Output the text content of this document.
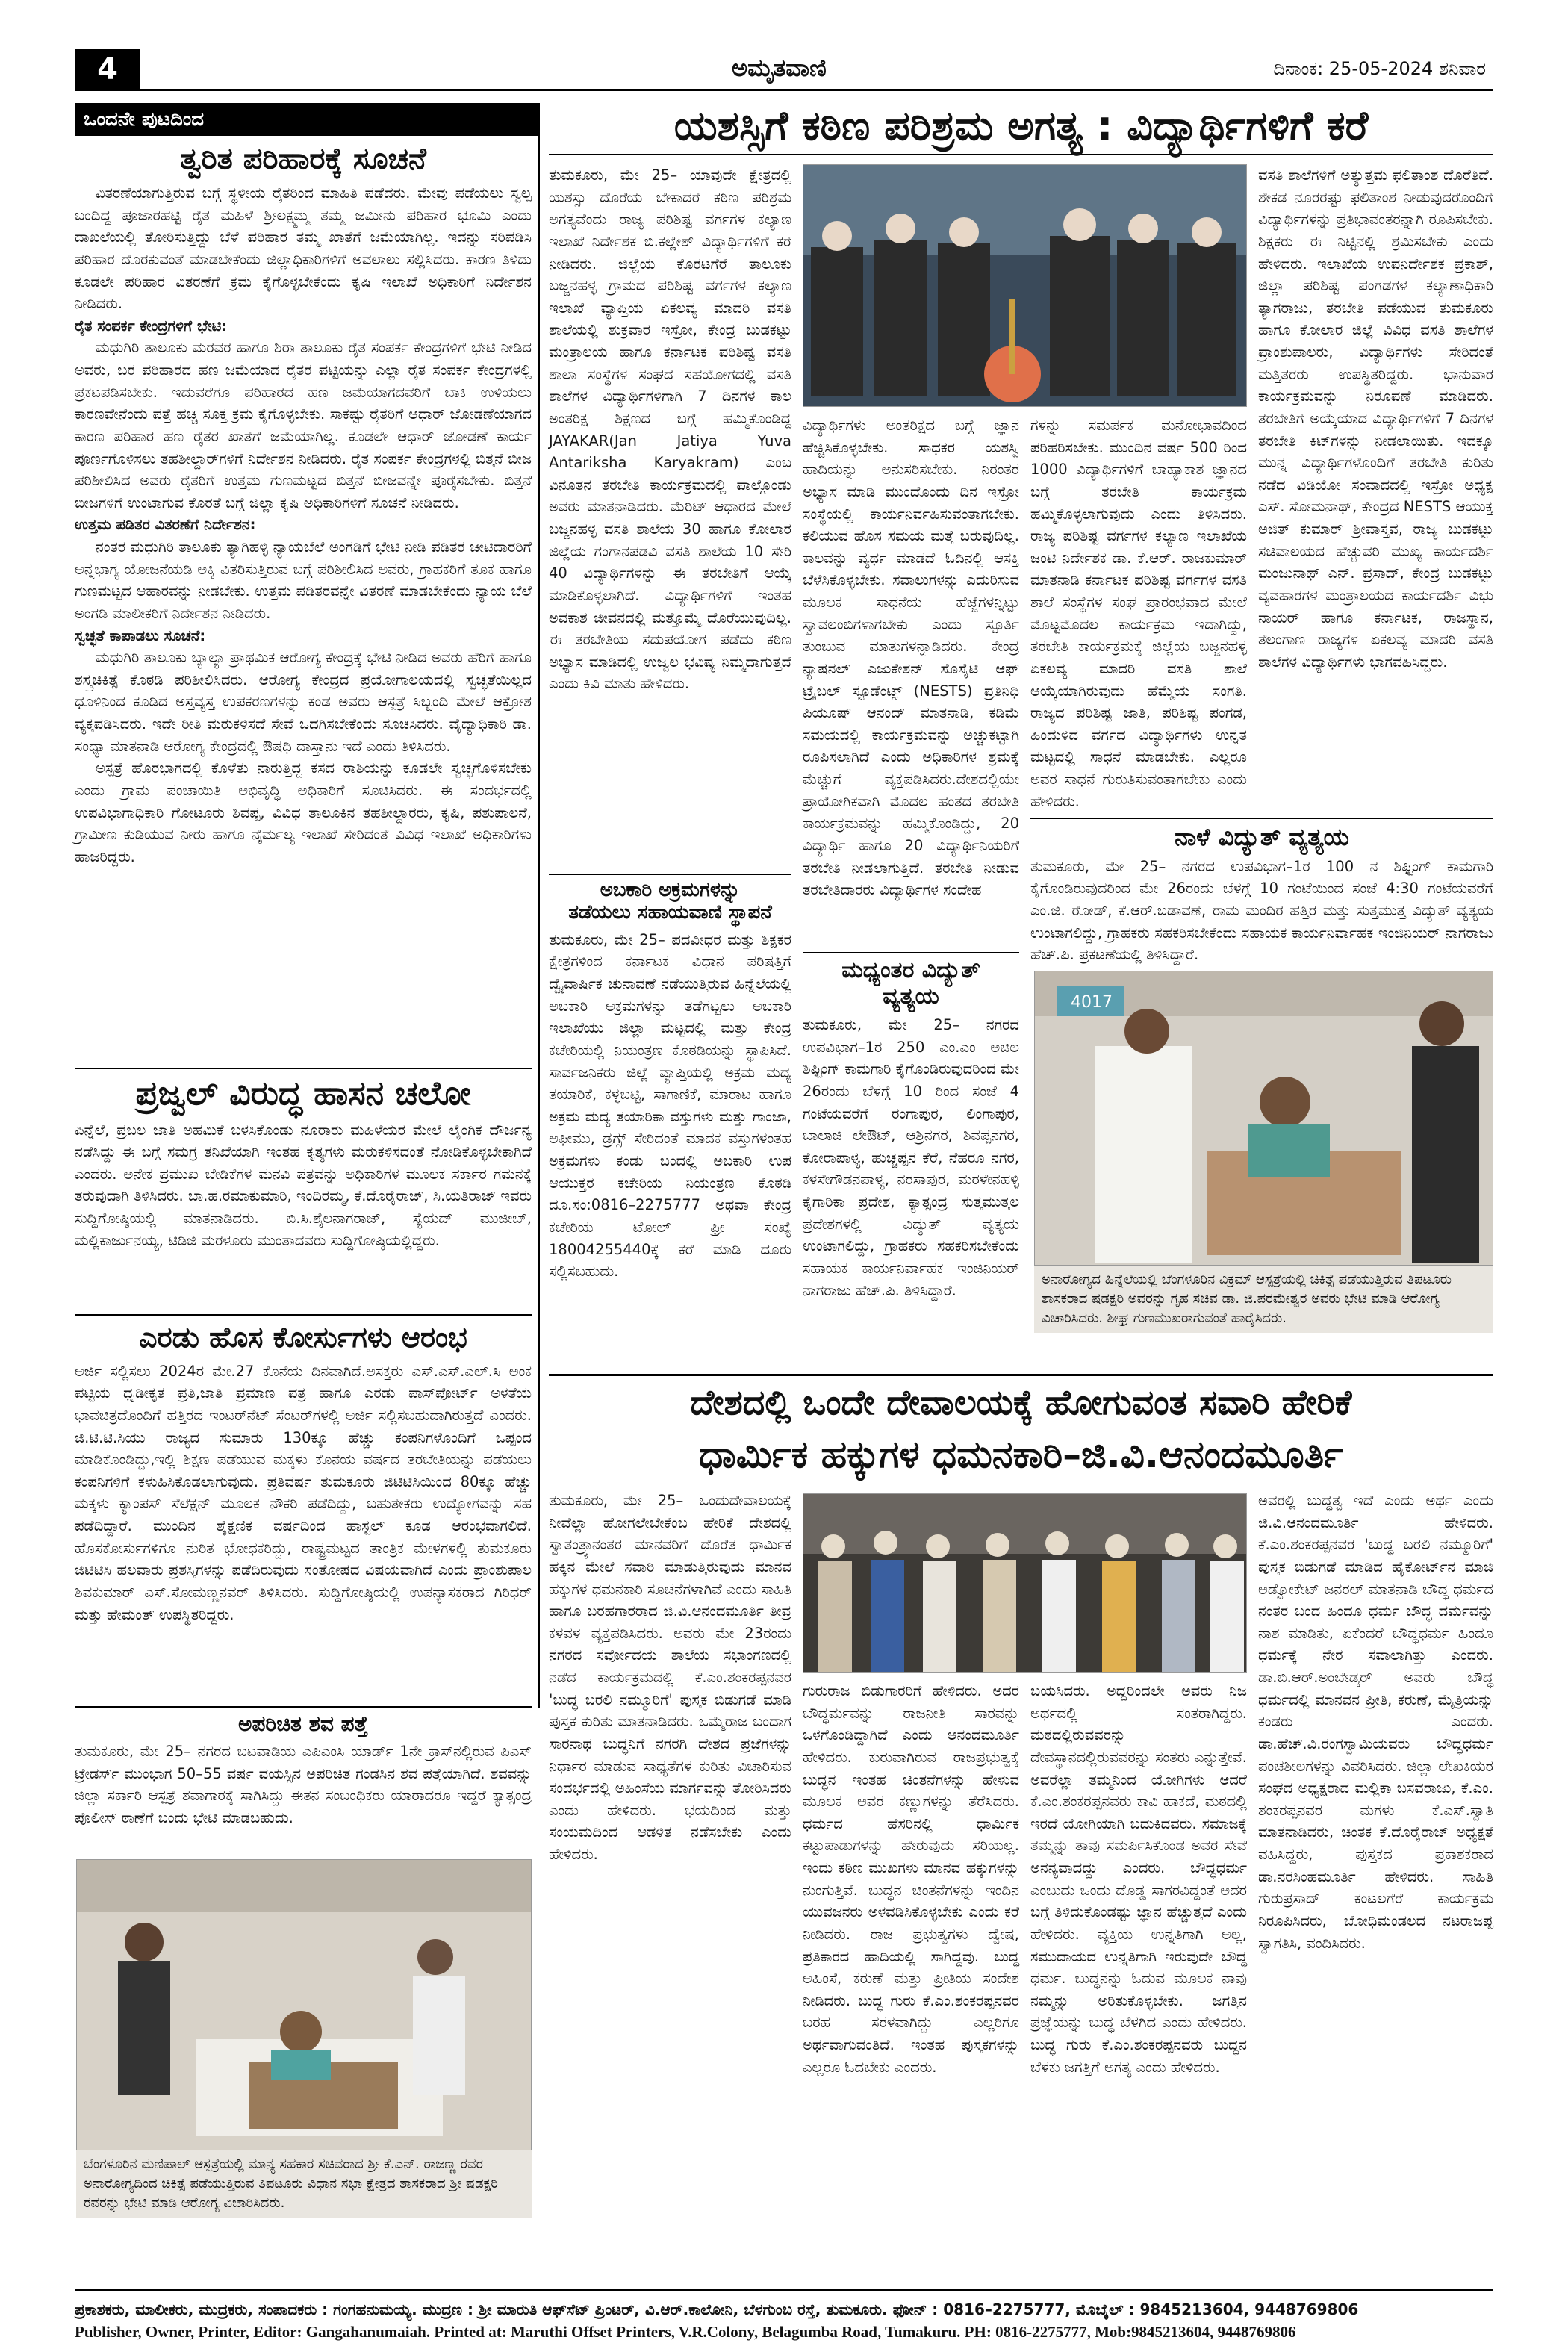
4	ಅಮೃತವಾಣಿ	ದಿನಾಂಕ: 25-05-2024 ಶನಿವಾರ
ಒಂದನೇ ಪುಟದಿಂದ
ತ್ವರಿತ ಪರಿಹಾರಕ್ಕೆ ಸೂಚನೆ

ವಿತರಣೆಯಾಗುತ್ತಿರುವ ಬಗ್ಗೆ ಸ್ಥಳೀಯ ರೈತರಿಂದ ಮಾಹಿತಿ ಪಡೆದರು. ಮೇವು ಪಡೆಯಲು ಸ್ವಲ್ಪ ಬಂದಿದ್ದ ಪೂಜಾರಹಟ್ಟಿ ರೈತ ಮಹಿಳೆ ಶ್ರೀಲಕ್ಷ್ಮಮ್ಮ ತಮ್ಮ ಜಮೀನು ಪರಿಹಾರ ಭೂಮಿ ಎಂದು ದಾಖಲೆಯಲ್ಲಿ ತೋರಿಸುತ್ತಿದ್ದು ಬೆಳೆ ಪರಿಹಾರ ತಮ್ಮ ಖಾತೆಗೆ ಜಮೆಯಾಗಿಲ್ಲ. ಇದನ್ನು ಸರಿಪಡಿಸಿ ಪರಿಹಾರ ದೊರಕುವಂತೆ ಮಾಡಬೇಕೆಂದು ಜಿಲ್ಲಾಧಿಕಾರಿಗಳಿಗೆ ಅವಲಾಲು ಸಲ್ಲಿಸಿದರು. ಕಾರಣ ತಿಳಿದು ಕೂಡಲೇ ಪರಿಹಾರ ವಿತರಣೆಗೆ ಕ್ರಮ ಕೈಗೊಳ್ಳಬೇಕೆಂದು ಕೃಷಿ ಇಲಾಖೆ ಅಧಿಕಾರಿಗೆ ನಿರ್ದೇಶನ ನೀಡಿದರು.

ರೈತ ಸಂಪರ್ಕ ಕೇಂದ್ರಗಳಿಗೆ ಭೇಟಿ:

ಮಧುಗಿರಿ ತಾಲೂಕು ಮರವರ ಹಾಗೂ ಶಿರಾ ತಾಲೂಕು ರೈತ ಸಂಪರ್ಕ ಕೇಂದ್ರಗಳಿಗೆ ಭೇಟಿ ನೀಡಿದ ಅವರು, ಬರ ಪರಿಹಾರದ ಹಣ ಜಮೆಯಾದ ರೈತರ ಪಟ್ಟಿಯನ್ನು ಎಲ್ಲಾ ರೈತ ಸಂಪರ್ಕ ಕೇಂದ್ರಗಳಲ್ಲಿ ಪ್ರಕಟಪಡಿಸಬೇಕು. ಇದುವರೆಗೂ ಪರಿಹಾರದ ಹಣ ಜಮೆಯಾಗದವರಿಗೆ ಬಾಕಿ ಉಳಿಯಲು ಕಾರಣವೇನೆಂದು ಪತ್ತೆ ಹಚ್ಚಿ ಸೂಕ್ತ ಕ್ರಮ ಕೈಗೊಳ್ಳಬೇಕು. ಸಾಕಷ್ಟು ರೈತರಿಗೆ ಆಧಾರ್ ಜೋಡಣೆಯಾಗದ ಕಾರಣ ಪರಿಹಾರ ಹಣ ರೈತರ ಖಾತೆಗೆ ಜಮೆಯಾಗಿಲ್ಲ. ಕೂಡಲೇ ಆಧಾರ್ ಜೋಡಣೆ ಕಾರ್ಯ ಪೂರ್ಣಗೊಳಿಸಲು ತಹಶೀಲ್ದಾರ್‌ಗಳಿಗೆ ನಿರ್ದೇಶನ ನೀಡಿದರು. ರೈತ ಸಂಪರ್ಕ ಕೇಂದ್ರಗಳಲ್ಲಿ ಬಿತ್ತನೆ ಬೀಜ ಪರಿಶೀಲಿಸಿದ ಅವರು ರೈತರಿಗೆ ಉತ್ತಮ ಗುಣಮಟ್ಟದ ಬಿತ್ತನೆ ಬೀಜವನ್ನೇ ಪೂರೈಸಬೇಕು. ಬಿತ್ತನೆ ಬೀಜಗಳಿಗೆ ಉಂಟಾಗುವ ಕೊರತೆ ಬಗ್ಗೆ ಜಿಲ್ಲಾ ಕೃಷಿ ಅಧಿಕಾರಿಗಳಿಗೆ ಸೂಚನೆ ನೀಡಿದರು.

ಉತ್ತಮ ಪಡಿತರ ವಿತರಣೆಗೆ ನಿರ್ದೇಶನ:

ನಂತರ ಮಧುಗಿರಿ ತಾಲೂಕು ತ್ಯಾಗಿಹಳ್ಳಿ ನ್ಯಾಯಬೆಲೆ ಅಂಗಡಿಗೆ ಭೇಟಿ ನೀಡಿ ಪಡಿತರ ಚೀಟಿದಾರರಿಗೆ ಅನ್ನಭಾಗ್ಯ ಯೋಜನೆಯಡಿ ಅಕ್ಕಿ ವಿತರಿಸುತ್ತಿರುವ ಬಗ್ಗೆ ಪರಿಶೀಲಿಸಿದ ಅವರು, ಗ್ರಾಹಕರಿಗೆ ತೂಕ ಹಾಗೂ ಗುಣಮಟ್ಟದ ಆಹಾರವನ್ನು ನೀಡಬೇಕು. ಉತ್ತಮ ಪಡಿತರವನ್ನೇ ವಿತರಣೆ ಮಾಡಬೇಕೆಂದು ನ್ಯಾಯ ಬೆಲೆ ಅಂಗಡಿ ಮಾಲೀಕರಿಗೆ ನಿರ್ದೇಶನ ನೀಡಿದರು.

ಸ್ವಚ್ಛತೆ ಕಾಪಾಡಲು ಸೂಚನೆ:

ಮಧುಗಿರಿ ತಾಲೂಕು ಬ್ಯಾಲ್ಯಾ ಪ್ರಾಥಮಿಕ ಆರೋಗ್ಯ ಕೇಂದ್ರಕ್ಕೆ ಭೇಟಿ ನೀಡಿದ ಅವರು ಹೆರಿಗೆ ಹಾಗೂ ಶಸ್ತ್ರಚಿಕಿತ್ಸೆ ಕೊಠಡಿ ಪರಿಶೀಲಿಸಿದರು. ಆರೋಗ್ಯ ಕೇಂದ್ರದ ಪ್ರಯೋಗಾಲಯದಲ್ಲಿ ಸ್ವಚ್ಛತೆಯಿಲ್ಲದ ಧೂಳಿನಿಂದ ಕೂಡಿದ ಅಸ್ತವ್ಯಸ್ತ ಉಪಕರಣಗಳನ್ನು ಕಂಡ ಅವರು ಆಸ್ಪತ್ರೆ ಸಿಬ್ಬಂದಿ ಮೇಲೆ ಆಕ್ರೋಶ ವ್ಯಕ್ತಪಡಿಸಿದರು. ಇದೇ ರೀತಿ ಮರುಕಳಿಸದೆ ಸೇವೆ ಒದಗಿಸಬೇಕೆಂದು ಸೂಚಿಸಿದರು. ವೈದ್ಯಾಧಿಕಾರಿ ಡಾ. ಸಂಧ್ಯಾ ಮಾತನಾಡಿ ಆರೋಗ್ಯ ಕೇಂದ್ರದಲ್ಲಿ ಔಷಧಿ ದಾಸ್ತಾನು ಇದೆ ಎಂದು ತಿಳಿಸಿದರು.

ಅಸ್ಪತ್ರೆ ಹೊರಭಾಗದಲ್ಲಿ ಕೊಳೆತು ನಾರುತ್ತಿದ್ದ ಕಸದ ರಾಶಿಯನ್ನು ಕೂಡಲೇ ಸ್ವಚ್ಛಗೊಳಿಸಬೇಕು ಎಂದು ಗ್ರಾಮ ಪಂಚಾಯಿತಿ ಅಭಿವೃದ್ಧಿ ಅಧಿಕಾರಿಗೆ ಸೂಚಿಸಿದರು. ಈ ಸಂದರ್ಭದಲ್ಲಿ ಉಪವಿಭಾಗಾಧಿಕಾರಿ ಗೋಟೂರು ಶಿವಪ್ಪ, ವಿವಿಧ ತಾಲೂಕಿನ ತಹಶೀಲ್ದಾರರು, ಕೃಷಿ, ಪಶುಪಾಲನೆ, ಗ್ರಾಮೀಣ ಕುಡಿಯುವ ನೀರು ಹಾಗೂ ನೈರ್ಮಲ್ಯ ಇಲಾಖೆ ಸೇರಿದಂತೆ ವಿವಿಧ ಇಲಾಖೆ ಅಧಿಕಾರಿಗಳು ಹಾಜರಿದ್ದರು.

ಪ್ರಜ್ವಲ್ ವಿರುದ್ಧ ಹಾಸನ ಚಲೋ
ಪಿನ್ನೆಲೆ, ಪ್ರಬಲ ಜಾತಿ ಅಹಮಿಕೆ ಬಳಸಿಕೊಂಡು ನೂರಾರು ಮಹಿಳೆಯರ ಮೇಲೆ ಲೈಂಗಿಕ ದೌರ್ಜನ್ಯ ನಡೆಸಿದ್ದು ಈ ಬಗ್ಗೆ ಸಮಗ್ರ ತನಿಖೆಯಾಗಿ ಇಂತಹ ಕೃತ್ಯಗಳು ಮರುಕಳಿಸದಂತೆ ನೋಡಿಕೊಳ್ಳಬೇಕಾಗಿದೆ ಎಂದರು. ಅನೇಕ ಪ್ರಮುಖ ಬೇಡಿಕೆಗಳ ಮನವಿ ಪತ್ರವನ್ನು ಅಧಿಕಾರಿಗಳ ಮೂಲಕ ಸರ್ಕಾರ ಗಮನಕ್ಕೆ ತರುವುದಾಗಿ ತಿಳಿಸಿದರು. ಬಾ.ಹ.ರಮಾಕುಮಾರಿ, ಇಂದಿರಮ್ಮ, ಕೆ.ದೊರೈರಾಜ್, ಸಿ.ಯತಿರಾಜ್ ಇವರು ಸುದ್ದಿಗೋಷ್ಠಿಯಲ್ಲಿ ಮಾತನಾಡಿದರು. ಬಿ.ಸಿ.ಶೈಲನಾಗರಾಜ್, ಸ್ಯೆಯದ್ ಮುಜೀಬ್, ಮಲ್ಲಿಕಾರ್ಜುನಯ್ಯ, ಟಿಡಿಜಿ ಮರಳೂರು ಮುಂತಾದವರು ಸುದ್ದಿಗೋಷ್ಠಿಯಲ್ಲಿದ್ದರು.
ಎರಡು ಹೊಸ ಕೋರ್ಸುಗಳು ಆರಂಭ
ಅರ್ಜಿ ಸಲ್ಲಿಸಲು 2024ರ ಮೇ.27 ಕೊನೆಯ ದಿನವಾಗಿದೆ.ಅಸಕ್ತರು ಎಸ್.ಎಸ್.ಎಲ್.ಸಿ ಅಂಕ ಪಟ್ಟಿಯ ಧೃಡೀಕೃತ ಪ್ರತಿ,ಜಾತಿ ಪ್ರಮಾಣ ಪತ್ರ ಹಾಗೂ ಎರಡು ಪಾಸ್‌ಪೋರ್ಟ್ ಅಳತೆಯ ಭಾವಚಿತ್ರದೊಂದಿಗೆ ಹತ್ತಿರದ ಇಂಟರ್‌ನೆಟ್ ಸೆಂಟರ್‌ಗಳಲ್ಲಿ ಅರ್ಜಿ ಸಲ್ಲಿಸಬಹುದಾಗಿರುತ್ತದೆ ಎಂದರು. ಜಿ.ಟಿ.ಟಿ.ಸಿಯು ರಾಜ್ಯದ ಸುಮಾರು 130ಕ್ಕೂ ಹೆಚ್ಚು ಕಂಪನಿಗಳೊಂದಿಗೆ ಒಪ್ಪಂದ ಮಾಡಿಕೊಂಡಿದ್ದು,ಇಲ್ಲಿ ಶಿಕ್ಷಣ ಪಡೆಯುವ ಮಕ್ಕಳು ಕೊನೆಯ ವರ್ಷದ ತರಬೇತಿಯನ್ನು ಪಡೆಯಲು ಕಂಪನಿಗಳಿಗೆ ಕಳುಹಿಸಿಕೊಡಲಾಗುವುದು. ಪ್ರತಿವರ್ಷ ತುಮಕೂರು ಜಿಟಿಟಿಸಿಯಿಂದ 80ಕ್ಕೂ ಹೆಚ್ಚು ಮಕ್ಕಳು ಕ್ಯಾಂಪಸ್ ಸೆಲೆಕ್ಷನ್ ಮೂಲಕ ನೌಕರಿ ಪಡೆದಿದ್ದು, ಬಹುತೇಕರು ಉದ್ಯೋಗವನ್ನು ಸಹ ಪಡೆದಿದ್ದಾರೆ. ಮುಂದಿನ ಶೈಕ್ಷಣಿಕ ವರ್ಷದಿಂದ ಹಾಸ್ಟಲ್ ಕೂಡ ಆರಂಭವಾಗಲಿದೆ. ಹೊಸಕೋರ್ಸುಗಳಿಗೂ ನುರಿತ ಭೋಧಕರಿದ್ದು, ರಾಷ್ಟ್ರಮಟ್ಟದ ತಾಂತ್ರಿಕ ಮೇಳಗಳಲ್ಲಿ ತುಮಕೂರು ಜಿಟಿಟಿಸಿ ಹಲವಾರು ಪ್ರಶಸ್ತಿಗಳನ್ನು ಪಡೆದಿರುವುದು ಸಂತೋಷದ ವಿಷಯವಾಗಿದೆ ಎಂದು ಪ್ರಾಂಶುಪಾಲ ಶಿವಕುಮಾರ್ ಎಸ್.ಸೋಮಣ್ಣನವರ್ ತಿಳಿಸಿದರು. ಸುದ್ದಿಗೋಷ್ಠಿಯಲ್ಲಿ ಉಪನ್ಯಾಸಕರಾದ ಗಿರಿಧರ್ ಮತ್ತು ಹೇಮಂತ್ ಉಪಸ್ಥಿತರಿದ್ದರು.
ಅಪರಿಚಿತ ಶವ ಪತ್ತೆ
ತುಮಕೂರು, ಮೇ 25– ನಗರದ ಬಟವಾಡಿಯ ಎಪಿಎಂಸಿ ಯಾರ್ಡ್ 1ನೇ ಕ್ರಾಸ್‌ನಲ್ಲಿರುವ ಪಿಎಸ್ ಟ್ರೇಡರ್ಸ್ ಮುಂಭಾಗ 50–55 ವರ್ಷ ವಯಸ್ಸಿನ ಅಪರಿಚಿತ ಗಂಡಸಿನ ಶವ ಪತ್ತೆಯಾಗಿದೆ. ಶವವನ್ನು ಜಿಲ್ಲಾ ಸರ್ಕಾರಿ ಆಸ್ಪತ್ರೆ ಶವಾಗಾರಕ್ಕೆ ಸಾಗಿಸಿದ್ದು ಈತನ ಸಂಬಂಧಿಕರು ಯಾರಾದರೂ ಇದ್ದರೆ ಕ್ಯಾತ್ಸಂದ್ರ ಪೊಲೀಸ್ ಠಾಣೆಗೆ ಬಂದು ಭೇಟಿ ಮಾಡಬಹುದು.
ಬೆಂಗಳೂರಿನ ಮಣಿಪಾಲ್ ಆಸ್ಪತ್ರೆಯಲ್ಲಿ ಮಾನ್ಯ ಸಹಕಾರ ಸಚಿವರಾದ ಶ್ರೀ ಕೆ.ಎನ್. ರಾಜಣ್ಣ ರವರ ಅನಾರೋಗ್ಯದಿಂದ ಚಿಕಿತ್ಸೆ ಪಡೆಯುತ್ತಿರುವ ತಿಪಟೂರು ವಿಧಾನ ಸಭಾ ಕ್ಷೇತ್ರದ ಶಾಸಕರಾದ ಶ್ರೀ ಷಡಕ್ಷರಿ ರವರನ್ನು ಭೇಟಿ ಮಾಡಿ ಆರೋಗ್ಯ ವಿಚಾರಿಸಿದರು.
ಯಶಸ್ಸಿಗೆ ಕಠಿಣ ಪರಿಶ್ರಮ ಅಗತ್ಯ : ವಿದ್ಯಾರ್ಥಿಗಳಿಗೆ ಕರೆ
ತುಮಕೂರು, ಮೇ 25– ಯಾವುದೇ ಕ್ಷೇತ್ರದಲ್ಲಿ ಯಶಸ್ಸು ದೊರೆಯ ಬೇಕಾದರೆ ಕಠಿಣ ಪರಿಶ್ರಮ ಅಗತ್ಯವೆಂದು ರಾಜ್ಯ ಪರಿಶಿಷ್ಟ ವರ್ಗಗಳ ಕಲ್ಯಾಣ ಇಲಾಖೆ ನಿರ್ದೇಶಕ ಬಿ.ಕಲ್ಲೇಶ್ ವಿದ್ಯಾರ್ಥಿಗಳಿಗೆ ಕರೆ ನೀಡಿದರು. ಜಿಲ್ಲೆಯ ಕೊರಟಗೆರೆ ತಾಲೂಕು ಬಜ್ಜನಹಳ್ಳ ಗ್ರಾಮದ ಪರಿಶಿಷ್ಟ ವರ್ಗಗಳ ಕಲ್ಯಾಣ ಇಲಾಖೆ ವ್ಯಾಪ್ತಿಯ ಏಕಲವ್ಯ ಮಾದರಿ ವಸತಿ ಶಾಲೆಯಲ್ಲಿ ಶುಕ್ರವಾರ ಇಸ್ರೋ, ಕೇಂದ್ರ ಬುಡಕಟ್ಟು ಮಂತ್ರಾಲಯ ಹಾಗೂ ಕರ್ನಾಟಕ ಪರಿಶಿಷ್ಟ ವಸತಿ ಶಾಲಾ ಸಂಸ್ಥೆಗಳ ಸಂಘದ ಸಹಯೋಗದಲ್ಲಿ ವಸತಿ ಶಾಲೆಗಳ ವಿದ್ಯಾರ್ಥಿಗಳಿಗಾಗಿ 7 ದಿನಗಳ ಕಾಲ ಅಂತರಿಕ್ಷ ಶಿಕ್ಷಣದ ಬಗ್ಗೆ ಹಮ್ಮಿಕೊಂಡಿದ್ದ JAYAKAR(Jan Jatiya Yuva Antariksha Karyakram) ಎಂಬ ವಿನೂತನ ತರಬೇತಿ ಕಾರ್ಯಕ್ರಮದಲ್ಲಿ ಪಾಲ್ಗೊಂಡು ಅವರು ಮಾತನಾಡಿದರು. ಮೆರಿಟ್ ಆಧಾರದ ಮೇಲೆ ಬಜ್ಜನಹಳ್ಳ ವಸತಿ ಶಾಲೆಯ 30 ಹಾಗೂ ಕೋಲಾರ ಜಿಲ್ಲೆಯ ಗಂಗಾನಪಡವಿ ವಸತಿ ಶಾಲೆಯ 10 ಸೇರಿ 40 ವಿದ್ಯಾರ್ಥಿಗಳನ್ನು ಈ ತರಬೇತಿಗೆ ಆಯ್ಕೆ ಮಾಡಿಕೊಳ್ಳಲಾಗಿದೆ. ವಿದ್ಯಾರ್ಥಿಗಳಿಗೆ ಇಂತಹ ಅವಕಾಶ ಜೀವನದಲ್ಲಿ ಮತ್ತೊಮ್ಮೆ ದೊರೆಯುವುದಿಲ್ಲ. ಈ ತರಬೇತಿಯ ಸದುಪಯೋಗ ಪಡೆದು ಕಠಿಣ ಅಭ್ಯಾಸ ಮಾಡಿದಲ್ಲಿ ಉಜ್ವಲ ಭವಿಷ್ಯ ನಿಮ್ಮದಾಗುತ್ತದೆ ಎಂದು ಕಿವಿ ಮಾತು ಹೇಳಿದರು.
ವಿದ್ಯಾರ್ಥಿಗಳು ಅಂತರಿಕ್ಷದ ಬಗ್ಗೆ ಜ್ಞಾನ ಹೆಚ್ಚಿಸಿಕೊಳ್ಳಬೇಕು. ಸಾಧಕರ ಯಶಸ್ವಿ ಹಾದಿಯನ್ನು ಅನುಸರಿಸಬೇಕು. ನಿರಂತರ ಅಭ್ಯಾಸ ಮಾಡಿ ಮುಂದೊಂದು ದಿನ ಇಸ್ರೋ ಸಂಸ್ಥೆಯಲ್ಲಿ ಕಾರ್ಯನಿರ್ವಹಿಸುವಂತಾಗಬೇಕು. ಕಲಿಯುವ ಹೊಸ ಸಮಯ ಮತ್ತೆ ಬರುವುದಿಲ್ಲ. ಕಾಲವನ್ನು ವ್ಯರ್ಥ ಮಾಡದೆ ಓದಿನಲ್ಲಿ ಆಸಕ್ತಿ ಬೆಳೆಸಿಕೊಳ್ಳಬೇಕು. ಸವಾಲುಗಳನ್ನು ಎದುರಿಸುವ ಮೂಲಕ ಸಾಧನೆಯ ಹೆಜ್ಜೆಗಳನ್ನಿಟ್ಟು ಸ್ವಾವಲಂಬಿಗಳಾಗಬೇಕು ಎಂದು ಸ್ಪೂರ್ತಿ ತುಂಬುವ ಮಾತುಗಳನ್ನಾಡಿದರು. ಕೇಂದ್ರ ನ್ಯಾಷನಲ್ ಎಜುಕೇಶನ್ ಸೊಸೈಟಿ ಆಫ್ ಟ್ರೈಬಲ್ ಸ್ಟೂಡೆಂಟ್ಸ್ (NESTS) ಪ್ರತಿನಿಧಿ ಪಿಯೂಷ್ ಆನಂದ್ ಮಾತನಾಡಿ, ಕಡಿಮೆ ಸಮಯದಲ್ಲಿ ಕಾರ್ಯಕ್ರಮವನ್ನು ಅಚ್ಚುಕಟ್ಟಾಗಿ ರೂಪಿಸಲಾಗಿದೆ ಎಂದು ಅಧಿಕಾರಿಗಳ ಶ್ರಮಕ್ಕೆ ಮೆಚ್ಚುಗೆ ವ್ಯಕ್ತಪಡಿಸಿದರು.ದೇಶದಲ್ಲಿಯೇ ಪ್ರಾಯೋಗಿಕವಾಗಿ ಮೊದಲ ಹಂತದ ತರಬೇತಿ ಕಾರ್ಯಕ್ರಮವನ್ನು ಹಮ್ಮಿಕೊಂಡಿದ್ದು, 20 ವಿದ್ಯಾರ್ಥಿ ಹಾಗೂ 20 ವಿದ್ಯಾರ್ಥಿನಿಯರಿಗೆ ತರಬೇತಿ ನೀಡಲಾಗುತ್ತಿದೆ. ತರಬೇತಿ ನೀಡುವ ತರಬೇತಿದಾರರು ವಿದ್ಯಾರ್ಥಿಗಳ ಸಂದೇಹ
ಗಳನ್ನು ಸಮರ್ಪಕ ಮನೋಭಾವದಿಂದ ಪರಿಹರಿಸಬೇಕು. ಮುಂದಿನ ವರ್ಷ 500 ರಿಂದ 1000 ವಿದ್ಯಾರ್ಥಿಗಳಿಗೆ ಬಾಹ್ಯಾಕಾಶ ಜ್ಞಾನದ ಬಗ್ಗೆ ತರಬೇತಿ ಕಾರ್ಯಕ್ರಮ ಹಮ್ಮಿಕೊಳ್ಳಲಾಗುವುದು ಎಂದು ತಿಳಿಸಿದರು. ರಾಜ್ಯ ಪರಿಶಿಷ್ಟ ವರ್ಗಗಳ ಕಲ್ಯಾಣ ಇಲಾಖೆಯ ಜಂಟಿ ನಿರ್ದೇಶಕ ಡಾ. ಕೆ.ಆರ್. ರಾಜಕುಮಾರ್ ಮಾತನಾಡಿ ಕರ್ನಾಟಕ ಪರಿಶಿಷ್ಟ ವರ್ಗಗಳ ವಸತಿ ಶಾಲೆ ಸಂಸ್ಥೆಗಳ ಸಂಘ ಪ್ರಾರಂಭವಾದ ಮೇಲೆ ಮೊಟ್ಟಮೊದಲ ಕಾರ್ಯಕ್ರಮ ಇದಾಗಿದ್ದು, ತರಬೇತಿ ಕಾರ್ಯಕ್ರಮಕ್ಕೆ ಜಿಲ್ಲೆಯ ಬಜ್ಜನಹಳ್ಳ ಏಕಲವ್ಯ ಮಾದರಿ ವಸತಿ ಶಾಲೆ ಆಯ್ಕೆಯಾಗಿರುವುದು ಹೆಮ್ಮೆಯ ಸಂಗತಿ. ರಾಜ್ಯದ ಪರಿಶಿಷ್ಟ ಜಾತಿ, ಪರಿಶಿಷ್ಟ ಪಂಗಡ, ಹಿಂದುಳಿದ ವರ್ಗದ ವಿದ್ಯಾರ್ಥಿಗಳು ಉನ್ನತ ಮಟ್ಟದಲ್ಲಿ ಸಾಧನೆ ಮಾಡಬೇಕು. ಎಲ್ಲರೂ ಅವರ ಸಾಧನೆ ಗುರುತಿಸುವಂತಾಗಬೇಕು ಎಂದು ಹೇಳಿದರು.
ವಸತಿ ಶಾಲೆಗಳಿಗೆ ಅತ್ಯುತ್ತಮ ಫಲಿತಾಂಶ ದೊರೆತಿದೆ. ಶೇಕಡ ನೂರರಷ್ಟು ಫಲಿತಾಂಶ ನೀಡುವುದರೊಂದಿಗೆ ವಿದ್ಯಾರ್ಥಿಗಳನ್ನು ಪ್ರತಿಭಾವಂತರನ್ನಾಗಿ ರೂಪಿಸಬೇಕು. ಶಿಕ್ಷಕರು ಈ ನಿಟ್ಟಿನಲ್ಲಿ ಶ್ರಮಿಸಬೇಕು ಎಂದು ಹೇಳಿದರು. ಇಲಾಖೆಯ ಉಪನಿರ್ದೇಶಕ ಪ್ರಕಾಶ್, ಜಿಲ್ಲಾ ಪರಿಶಿಷ್ಟ ಪಂಗಡಗಳ ಕಲ್ಯಾಣಾಧಿಕಾರಿ ತ್ಯಾಗರಾಜು, ತರಬೇತಿ ಪಡೆಯುವ ತುಮಕೂರು ಹಾಗೂ ಕೋಲಾರ ಜಿಲ್ಲೆ ವಿವಿಧ ವಸತಿ ಶಾಲೆಗಳ ಪ್ರಾಂಶುಪಾಲರು, ವಿದ್ಯಾರ್ಥಿಗಳು ಸೇರಿದಂತೆ ಮತ್ತಿತರರು ಉಪಸ್ಥಿತರಿದ್ದರು. ಭಾನುವಾರ ಕಾರ್ಯಕ್ರಮವನ್ನು ನಿರೂಪಣೆ ಮಾಡಿದರು. ತರಬೇತಿಗೆ ಅಯ್ಕೆಯಾದ ವಿದ್ಯಾರ್ಥಿಗಳಿಗೆ 7 ದಿನಗಳ ತರಬೇತಿ ಕಿಟ್‌ಗಳನ್ನು ನೀಡಲಾಯಿತು. ಇದಕ್ಕೂ ಮುನ್ನ ವಿದ್ಯಾರ್ಥಿಗಳೊಂದಿಗೆ ತರಬೇತಿ ಕುರಿತು ನಡೆದ ವಿಡಿಯೋ ಸಂವಾದದಲ್ಲಿ ಇಸ್ರೋ ಅಧ್ಯಕ್ಷ ಎಸ್. ಸೋಮನಾಥ್, ಕೇಂದ್ರದ NESTS ಆಯುಕ್ತ ಅಜಿತ್ ಕುಮಾರ್ ಶ್ರೀವಾಸ್ತವ, ರಾಜ್ಯ ಬುಡಕಟ್ಟು ಸಚಿವಾಲಯದ ಹೆಚ್ಚುವರಿ ಮುಖ್ಯ ಕಾರ್ಯದರ್ಶಿ ಮಂಜುನಾಥ್ ಎನ್. ಪ್ರಸಾದ್, ಕೇಂದ್ರ ಬುಡಕಟ್ಟು ವ್ಯವಹಾರಗಳ ಮಂತ್ರಾಲಯದ ಕಾರ್ಯದರ್ಶಿ ವಿಭು ನಾಯರ್ ಹಾಗೂ ಕರ್ನಾಟಕ, ರಾಜಸ್ಥಾನ, ತೆಲಂಗಾಣ ರಾಜ್ಯಗಳ ಏಕಲವ್ಯ ಮಾದರಿ ವಸತಿ ಶಾಲೆಗಳ ವಿದ್ಯಾರ್ಥಿಗಳು ಭಾಗವಹಿಸಿದ್ದರು.
ಅಬಕಾರಿ ಅಕ್ರಮಗಳನ್ನು
ತಡೆಯಲು ಸಹಾಯವಾಣಿ ಸ್ಥಾಪನೆ
ತುಮಕೂರು, ಮೇ 25– ಪದವೀಧರ ಮತ್ತು ಶಿಕ್ಷಕರ ಕ್ಷೇತ್ರಗಳಿಂದ ಕರ್ನಾಟಕ ವಿಧಾನ ಪರಿಷತ್ತಿಗೆ ದ್ವೈವಾರ್ಷಿಕ ಚುನಾವಣೆ ನಡೆಯುತ್ತಿರುವ ಹಿನ್ನೆಲೆಯಲ್ಲಿ ಅಬಕಾರಿ ಅಕ್ರಮಗಳನ್ನು ತಡೆಗಟ್ಟಲು ಅಬಕಾರಿ ಇಲಾಖೆಯು ಜಿಲ್ಲಾ ಮಟ್ಟದಲ್ಲಿ ಮತ್ತು ಕೇಂದ್ರ ಕಚೇರಿಯಲ್ಲಿ ನಿಯಂತ್ರಣ ಕೊಠಡಿಯನ್ನು ಸ್ಥಾಪಿಸಿದೆ. ಸಾರ್ವಜನಿಕರು ಜಿಲ್ಲೆ ವ್ಯಾಪ್ತಿಯಲ್ಲಿ ಅಕ್ರಮ ಮದ್ಯ ತಯಾರಿಕೆ, ಕಳ್ಳಬಟ್ಟಿ, ಸಾಗಾಣಿಕೆ, ಮಾರಾಟ ಹಾಗೂ ಅಕ್ರಮ ಮದ್ಯ ತಯಾರಿಕಾ ವಸ್ತುಗಳು ಮತ್ತು ಗಾಂಜಾ, ಅಫೀಮು, ಡ್ರಗ್ಸ್ ಸೇರಿದಂತೆ ಮಾದಕ ವಸ್ತುಗಳಂತಹ ಅಕ್ರಮಗಳು ಕಂಡು ಬಂದಲ್ಲಿ ಅಬಕಾರಿ ಉಪ ಆಯುಕ್ತರ ಕಚೇರಿಯ ನಿಯಂತ್ರಣ ಕೊಠಡಿ ದೂ.ಸಂ:0816–2275777 ಅಥವಾ ಕೇಂದ್ರ ಕಚೇರಿಯ ಟೋಲ್ ಫ್ರೀ ಸಂಖ್ಯೆ 18004255440ಕ್ಕೆ ಕರೆ ಮಾಡಿ ದೂರು ಸಲ್ಲಿಸಬಹುದು.
ಮಧ್ಯಂತರ ವಿದ್ಯುತ್
ವ್ಯತ್ಯಯ
ತುಮಕೂರು, ಮೇ 25– ನಗರದ ಉಪವಿಭಾಗ–1ರ 250 ಎಂ.ಎಂ ಅಚಿಲ ಶಿಫ್ಟಿಂಗ್ ಕಾಮಗಾರಿ ಕೈಗೊಂಡಿರುವುದರಿಂದ ಮೇ 26ರಂದು ಬೆಳಗ್ಗೆ 10 ರಿಂದ ಸಂಜೆ 4 ಗಂಟೆಯವರೆಗೆ ರಂಗಾಪುರ, ಲಿಂಗಾಪುರ, ಬಾಲಾಜಿ ಲೇಔಟ್, ಆಶ್ರಿನಗರ, ಶಿವಪ್ಪನಗರ, ಕೋರಾಪಾಳ್ಯ, ಹುಚ್ಚಪ್ಪನ ಕೆರೆ, ನೆಹರೂ ನಗರ, ಕಳಸೇಗೌಡನಪಾಳ್ಯ, ನರಸಾಪುರ, ಮರಳೇನಹಳ್ಳಿ ಕೈಗಾರಿಕಾ ಪ್ರದೇಶ, ಕ್ಯಾತ್ಸಂದ್ರ ಸುತ್ತಮುತ್ತಲ ಪ್ರದೇಶಗಳಲ್ಲಿ ವಿದ್ಯುತ್ ವ್ಯತ್ಯಯ ಉಂಟಾಗಲಿದ್ದು, ಗ್ರಾಹಕರು ಸಹಕರಿಸಬೇಕೆಂದು ಸಹಾಯಕ ಕಾರ್ಯನಿರ್ವಾಹಕ ಇಂಜಿನಿಯರ್ ನಾಗರಾಜು ಹೆಚ್.ಪಿ. ತಿಳಿಸಿದ್ದಾರೆ.
ನಾಳೆ ವಿದ್ಯುತ್ ವ್ಯತ್ಯಯ
ತುಮಕೂರು, ಮೇ 25– ನಗರದ ಉಪವಿಭಾಗ–1ರ 100 ನ ಶಿಫ್ಟಿಂಗ್ ಕಾಮಗಾರಿ ಕೈಗೊಂಡಿರುವುದರಿಂದ ಮೇ 26ರಂದು ಬೆಳಗ್ಗೆ 10 ಗಂಟೆಯಿಂದ ಸಂಜೆ 4:30 ಗಂಟೆಯವರೆಗೆ ಎಂ.ಜಿ. ರೋಡ್, ಕೆ.ಆರ್.ಬಡಾವಣೆ, ರಾಮ ಮಂದಿರ ಹತ್ತಿರ ಮತ್ತು ಸುತ್ತಮುತ್ತ ವಿದ್ಯುತ್ ವ್ಯತ್ಯಯ ಉಂಟಾಗಲಿದ್ದು, ಗ್ರಾಹಕರು ಸಹಕರಿಸಬೇಕೆಂದು ಸಹಾಯಕ ಕಾರ್ಯನಿರ್ವಾಹಕ ಇಂಜಿನಿಯರ್ ನಾಗರಾಜು ಹೆಚ್.ಪಿ. ಪ್ರಕಟಣೆಯಲ್ಲಿ ತಿಳಿಸಿದ್ದಾರೆ.
4017
ಅನಾರೋಗ್ಯದ ಹಿನ್ನೆಲೆಯಲ್ಲಿ ಬೆಂಗಳೂರಿನ ವಿಕ್ರಮ್ ಆಸ್ಪತ್ರೆಯಲ್ಲಿ ಚಿಕಿತ್ಸೆ ಪಡೆಯುತ್ತಿರುವ ತಿಪಟೂರು ಶಾಸಕರಾದ ಷಡಕ್ಷರಿ ಅವರನ್ನು ಗೃಹ ಸಚಿವ ಡಾ. ಜಿ.ಪರಮೇಶ್ವರ ಅವರು ಭೇಟಿ ಮಾಡಿ ಆರೋಗ್ಯ ವಿಚಾರಿಸಿದರು. ಶೀಘ್ರ ಗುಣಮುಖರಾಗುವಂತೆ ಹಾರೈಸಿದರು.
ದೇಶದಲ್ಲಿ ಒಂದೇ ದೇವಾಲಯಕ್ಕೆ ಹೋಗುವಂತ ಸವಾರಿ ಹೇರಿಕೆ
ಧಾರ್ಮಿಕ ಹಕ್ಕುಗಳ ಧಮನಕಾರಿ–ಜಿ.ವಿ.ಆನಂದಮೂರ್ತಿ
ತುಮಕೂರು, ಮೇ 25– ಒಂದುದೇವಾಲಯಕ್ಕೆ ನೀವೆಲ್ಲಾ ಹೋಗಲೇಬೇಕೆಂಬ ಹೇರಿಕೆ ದೇಶದಲ್ಲಿ ಸ್ವಾತಂತ್ರ್ಯಾನಂತರ ಮಾನವರಿಗೆ ದೊರೆತ ಧಾರ್ಮಿಕ ಹಕ್ಕಿನ ಮೇಲೆ ಸವಾರಿ ಮಾಡುತ್ತಿರುವುದು ಮಾನವ ಹಕ್ಕುಗಳ ಧಮನಕಾರಿ ಸೂಚನೆಗಳಾಗಿವೆ ಎಂದು ಸಾಹಿತಿ ಹಾಗೂ ಬರಹಗಾರರಾದ ಜಿ.ವಿ.ಆನಂದಮೂರ್ತಿ ತೀವ್ರ ಕಳವಳ ವ್ಯಕ್ತಪಡಿಸಿದರು. ಅವರು ಮೇ 23ರಂದು ನಗರದ ಸರ್ವೋದಯ ಶಾಲೆಯ ಸಭಾಂಗಣದಲ್ಲಿ ನಡೆದ ಕಾರ್ಯಕ್ರಮದಲ್ಲಿ ಕೆ.ಎಂ.ಶಂಕರಪ್ಪನವರ 'ಬುದ್ಧ ಬರಲಿ ನಮ್ಮೂರಿಗೆ' ಪುಸ್ತಕ ಬಿಡುಗಡೆ ಮಾಡಿ ಪುಸ್ತಕ ಕುರಿತು ಮಾತನಾಡಿದರು. ಒಮ್ಮೆರಾಜ ಬಂದಾಗ ಸಾರನಾಥ ಬುದ್ಧನಿಗೆ ನಗರಗಿ ದೇಶದ ಪ್ರಜೆಗಳನ್ನು ನಿರ್ಧಾರ ಮಾಡುವ ಸಾಧ್ಯತೆಗಳ ಕುರಿತು ವಿಚಾರಿಸುವ ಸಂದರ್ಭದಲ್ಲಿ ಅಹಿಂಸೆಯ ಮಾರ್ಗವನ್ನು ತೋರಿಸಿದರು ಎಂದು ಹೇಳಿದರು. ಭಯದಿಂದ ಮತ್ತು ಸಂಯಮದಿಂದ ಆಡಳಿತ ನಡೆಸಬೇಕು ಎಂದು ಹೇಳಿದರು.
ಗುರುರಾಜ ಬಿಡುಗಾರರಿಗೆ ಹೇಳಿದರು. ಅದರ ಬೌದ್ಧರ್ಮವನ್ನು ರಾಜನೀತಿ ಸಾರವನ್ನು ಒಳಗೊಂಡಿದ್ದಾಗಿದೆ ಎಂದು ಆನಂದಮೂರ್ತಿ ಹೇಳಿದರು. ಕುರುವಾಗಿರುವ ರಾಜಪ್ರಭುತ್ವಕ್ಕೆ ಬುದ್ಧನ ಇಂತಹ ಚಿಂತನೆಗಳನ್ನು ಹೇಳುವ ಮೂಲಕ ಅವರ ಕಣ್ಣುಗಳನ್ನು ತೆರೆಸಿದರು. ಧರ್ಮದ ಹೆಸರಿನಲ್ಲಿ ಧಾರ್ಮಿಕ ಕಟ್ಟುಪಾಡುಗಳನ್ನು ಹೇರುವುದು ಸರಿಯಲ್ಲ. ಇಂದು ಕಠಿಣ ಮುಖಗಳು ಮಾನವ ಹಕ್ಕುಗಳನ್ನು ನುಂಗುತ್ತಿವೆ. ಬುದ್ಧನ ಚಿಂತನೆಗಳನ್ನು ಇಂದಿನ ಯುವಜನರು ಅಳವಡಿಸಿಕೊಳ್ಳಬೇಕು ಎಂದು ಕರೆ ನೀಡಿದರು. ರಾಜ ಪ್ರಭುತ್ವಗಳು ದ್ವೇಷ, ಪ್ರತಿಕಾರದ ಹಾದಿಯಲ್ಲಿ ಸಾಗಿದ್ದವು. ಬುದ್ಧ ಅಹಿಂಸೆ, ಕರುಣೆ ಮತ್ತು ಪ್ರೀತಿಯ ಸಂದೇಶ ನೀಡಿದರು. ಬುದ್ಧ ಗುರು ಕೆ.ಎಂ.ಶಂಕರಪ್ಪನವರ ಬರಹ ಸರಳವಾಗಿದ್ದು ಎಲ್ಲರಿಗೂ ಅರ್ಥವಾಗುವಂತಿದೆ. ಇಂತಹ ಪುಸ್ತಕಗಳನ್ನು ಎಲ್ಲರೂ ಓದಬೇಕು ಎಂದರು.
ಬಯಸಿದರು. ಅದ್ದರಿಂದಲೇ ಅವರು ನಿಜ ಅರ್ಥದಲ್ಲಿ ಸಂತರಾಗಿದ್ದರು. ಮಠದಲ್ಲಿರುವವರನ್ನು ದೇವಸ್ಥಾನದಲ್ಲಿರುವವರನ್ನು ಸಂತರು ಎನ್ನುತ್ತೇವೆ. ಅವರೆಲ್ಲಾ ತಮ್ಮನಿಂದ ಯೋಗಿಗಳು ಆದರೆ ಕೆ.ಎಂ.ಶಂಕರಪ್ಪನವರು ಕಾವಿ ಹಾಕದೆ, ಮಠದಲ್ಲಿ ಇರದೆ ಯೋಗಿಯಾಗಿ ಬದುಕಿದವರು. ಸಮಾಜಕ್ಕೆ ತಮ್ಮನ್ನು ತಾವು ಸಮರ್ಪಿಸಿಕೊಂಡ ಅವರ ಸೇವೆ ಅನನ್ಯವಾದದ್ದು ಎಂದರು. ಬೌದ್ಧಧರ್ಮ ಎಂಬುದು ಒಂದು ದೊಡ್ಡ ಸಾಗರವಿದ್ದಂತೆ ಅದರ ಬಗ್ಗೆ ತಿಳಿದುಕೊಂಡಷ್ಟು ಜ್ಞಾನ ಹೆಚ್ಚುತ್ತದೆ ಎಂದು ಹೇಳಿದರು. ವ್ಯಕ್ತಿಯ ಉನ್ನತಿಗಾಗಿ ಅಲ್ಲ, ಸಮುದಾಯದ ಉನ್ನತಿಗಾಗಿ ಇರುವುದೇ ಬೌದ್ಧ ಧರ್ಮ. ಬುದ್ಧನನ್ನು ಓದುವ ಮೂಲಕ ನಾವು ನಮ್ಮನ್ನು ಅರಿತುಕೊಳ್ಳಬೇಕು. ಜಗತ್ತಿನ ಪ್ರಜ್ಞೆಯನ್ನು ಬುದ್ಧ ಬೆಳಗಿದ ಎಂದು ಹೇಳಿದರು. ಬುದ್ಧ ಗುರು ಕೆ.ಎಂ.ಶಂಕರಪ್ಪನವರು ಬುದ್ಧನ ಬೆಳಕು ಜಗತ್ತಿಗೆ ಅಗತ್ಯ ಎಂದು ಹೇಳಿದರು.
ಅವರಲ್ಲಿ ಬುದ್ಧತ್ವ ಇದೆ ಎಂದು ಅರ್ಥ ಎಂದು ಜಿ.ವಿ.ಆನಂದಮೂರ್ತಿ ಹೇಳಿದರು. ಕೆ.ಎಂ.ಶಂಕರಪ್ಪನವರ 'ಬುದ್ಧ ಬರಲಿ ನಮ್ಮೂರಿಗೆ' ಪುಸ್ತಕ ಬಿಡುಗಡೆ ಮಾಡಿದ ಹೈಕೋರ್ಟ್‌ನ ಮಾಜಿ ಅಡ್ವೋಕೇಟ್ ಜನರಲ್ ಮಾತನಾಡಿ ಬೌದ್ಧ ಧರ್ಮದ ನಂತರ ಬಂದ ಹಿಂದೂ ಧರ್ಮ ಬೌದ್ಧ ದರ್ಮವನ್ನು ನಾಶ ಮಾಡಿತು, ಏಕೆಂದರೆ ಬೌದ್ಧಧರ್ಮ ಹಿಂದೂ ಧರ್ಮಕ್ಕೆ ನೇರ ಸವಾಲಾಗಿತ್ತು ಎಂದರು. ಡಾ.ಬಿ.ಆರ್.ಅಂಬೇಡ್ಕರ್ ಅವರು ಬೌದ್ಧ ಧರ್ಮದಲ್ಲಿ ಮಾನವನ ಪ್ರೀತಿ, ಕರುಣೆ, ಮೈತ್ರಿಯನ್ನು ಕಂಡರು ಎಂದರು. ಡಾ.ಹೆಚ್.ವಿ.ರಂಗಸ್ವಾಮಿಯವರು ಬೌದ್ಧಧರ್ಮ ಪಂಚಶೀಲಗಳನ್ನು ವಿವರಿಸಿದರು. ಜಿಲ್ಲಾ ಲೇಖಕಿಯರ ಸಂಘದ ಅಧ್ಯಕ್ಷರಾದ ಮಲ್ಲಿಕಾ ಬಸವರಾಜು, ಕೆ.ಎಂ. ಶಂಕರಪ್ಪನವರ ಮಗಳು ಕೆ.ಎಸ್.ಸ್ವಾತಿ ಮಾತನಾಡಿದರು, ಚಿಂತಕ ಕೆ.ದೊರೈರಾಜ್ ಅಧ್ಯಕ್ಷತೆ ವಹಿಸಿದ್ದರು, ಪುಸ್ತಕದ ಪ್ರಕಾಶಕರಾದ ಡಾ.ನರಸಿಂಹಮೂರ್ತಿ ಹೇಳಿದರು. ಸಾಹಿತಿ ಗುರುಪ್ರಸಾದ್ ಕಂಟಲಗೆರೆ ಕಾರ್ಯಕ್ರಮ ನಿರೂಪಿಸಿದರು, ಬೋಧಿಮಂಡಲದ ನಟರಾಜಪ್ಪ ಸ್ವಾಗತಿಸಿ, ವಂದಿಸಿದರು.
ಪ್ರಕಾಶಕರು, ಮಾಲೀಕರು, ಮುದ್ರಕರು, ಸಂಪಾದಕರು : ಗಂಗಹನುಮಯ್ಯ. ಮುದ್ರಣ : ಶ್ರೀ ಮಾರುತಿ ಆಫ್‌ಸೆಟ್ ಪ್ರಿಂಟರ್, ವಿ.ಆರ್.ಕಾಲೋನಿ, ಬೆಳಗುಂಬ ರಸ್ತೆ, ತುಮಕೂರು. ಫೋನ್ : 0816–2275777, ಮೊಬೈಲ್ : 9845213604, 9448769806
Publisher, Owner, Printer, Editor: Gangahanumaiah. Printed at: Maruthi Offset Printers, V.R.Colony, Belagumba Road, Tumakuru. PH: 0816-2275777, Mob:9845213604, 9448769806
